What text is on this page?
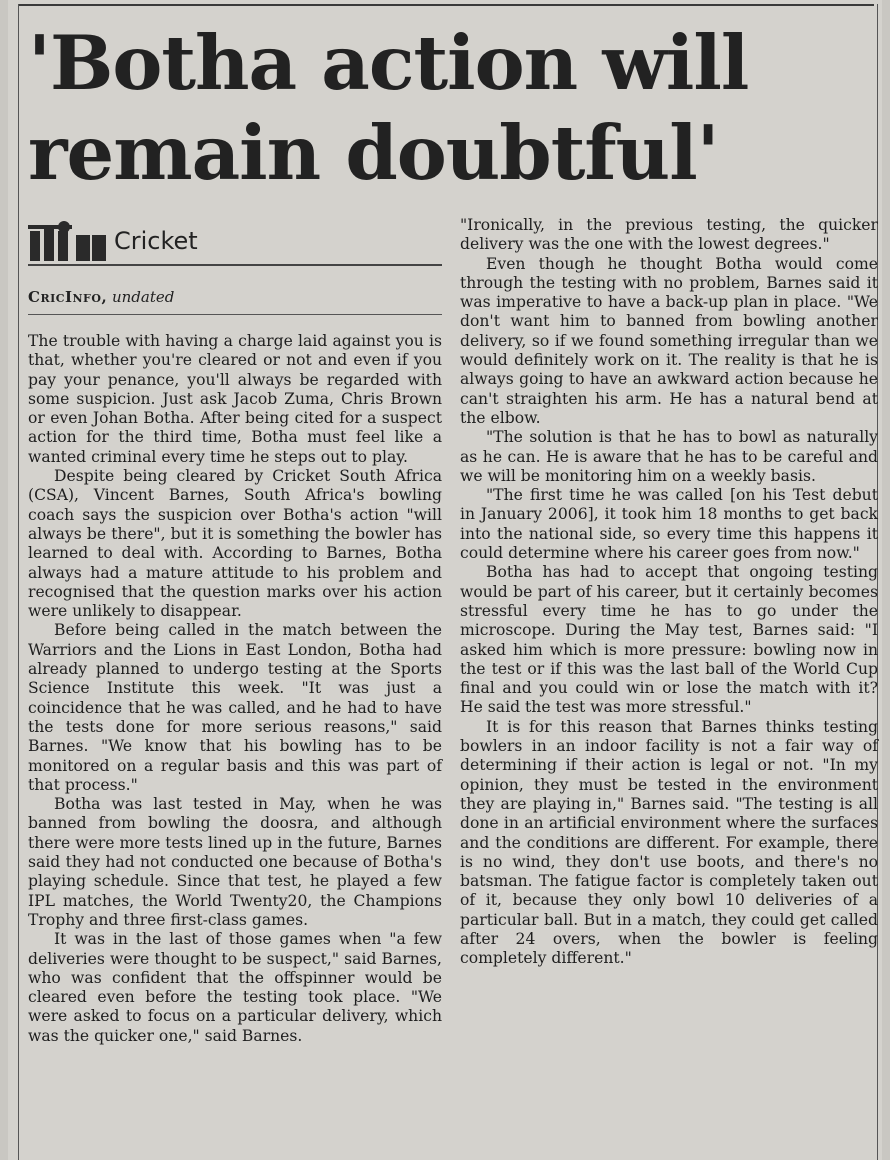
'Botha action will remain doubtful'
Cricket
CricInfo, undated

The trouble with having a charge laid against you is that, whether you're cleared or not and even if you pay your penance, you'll always be regarded with some suspicion. Just ask Jacob Zuma, Chris Brown or even Johan Botha. After being cited for a suspect action for the third time, Botha must feel like a wanted criminal every time he steps out to play.

Despite being cleared by Cricket South Africa (CSA), Vincent Barnes, South Africa's bowling coach says the suspicion over Botha's action "will always be there", but it is something the bowler has learned to deal with. According to Barnes, Botha always had a mature attitude to his problem and recognised that the question marks over his action were unlikely to disappear.

Before being called in the match between the Warriors and the Lions in East London, Botha had already planned to undergo testing at the Sports Science Institute this week. "It was just a coincidence that he was called, and he had to have the tests done for more serious reasons," said Barnes. "We know that his bowling has to be monitored on a regular basis and this was part of that process."

Botha was last tested in May, when he was banned from bowling the doosra, and although there were more tests lined up in the future, Barnes said they had not conducted one because of Botha's playing schedule. Since that test, he played a few IPL matches, the World Twenty20, the Champions Trophy and three first-class games.

It was in the last of those games when "a few deliveries were thought to be suspect," said Barnes, who was confident that the offspinner would be cleared even before the testing took place. "We were asked to focus on a particular delivery, which was the quicker one," said Barnes.

"Ironically, in the previous testing, the quicker delivery was the one with the lowest degrees."

Even though he thought Botha would come through the testing with no problem, Barnes said it was imperative to have a back-up plan in place. "We don't want him to banned from bowling another delivery, so if we found something irregular than we would definitely work on it. The reality is that he is always going to have an awkward action because he can't straighten his arm. He has a natural bend at the elbow.

"The solution is that he has to bowl as naturally as he can. He is aware that he has to be careful and we will be monitoring him on a weekly basis.

"The first time he was called [on his Test debut in January 2006], it took him 18 months to get back into the national side, so every time this happens it could determine where his career goes from now."

Botha has had to accept that ongoing testing would be part of his career, but it certainly becomes stressful every time he has to go under the microscope. During the May test, Barnes said: "I asked him which is more pressure: bowling now in the test or if this was the last ball of the World Cup final and you could win or lose the match with it? He said the test was more stressful."

It is for this reason that Barnes thinks testing bowlers in an indoor facility is not a fair way of determining if their action is legal or not. "In my opinion, they must be tested in the environment they are playing in," Barnes said. "The testing is all done in an artificial environment where the surfaces and the conditions are different. For example, there is no wind, they don't use boots, and there's no batsman. The fatigue factor is completely taken out of it, because they only bowl 10 deliveries of a particular ball. But in a match, they could get called after 24 overs, when the bowler is feeling completely different."
